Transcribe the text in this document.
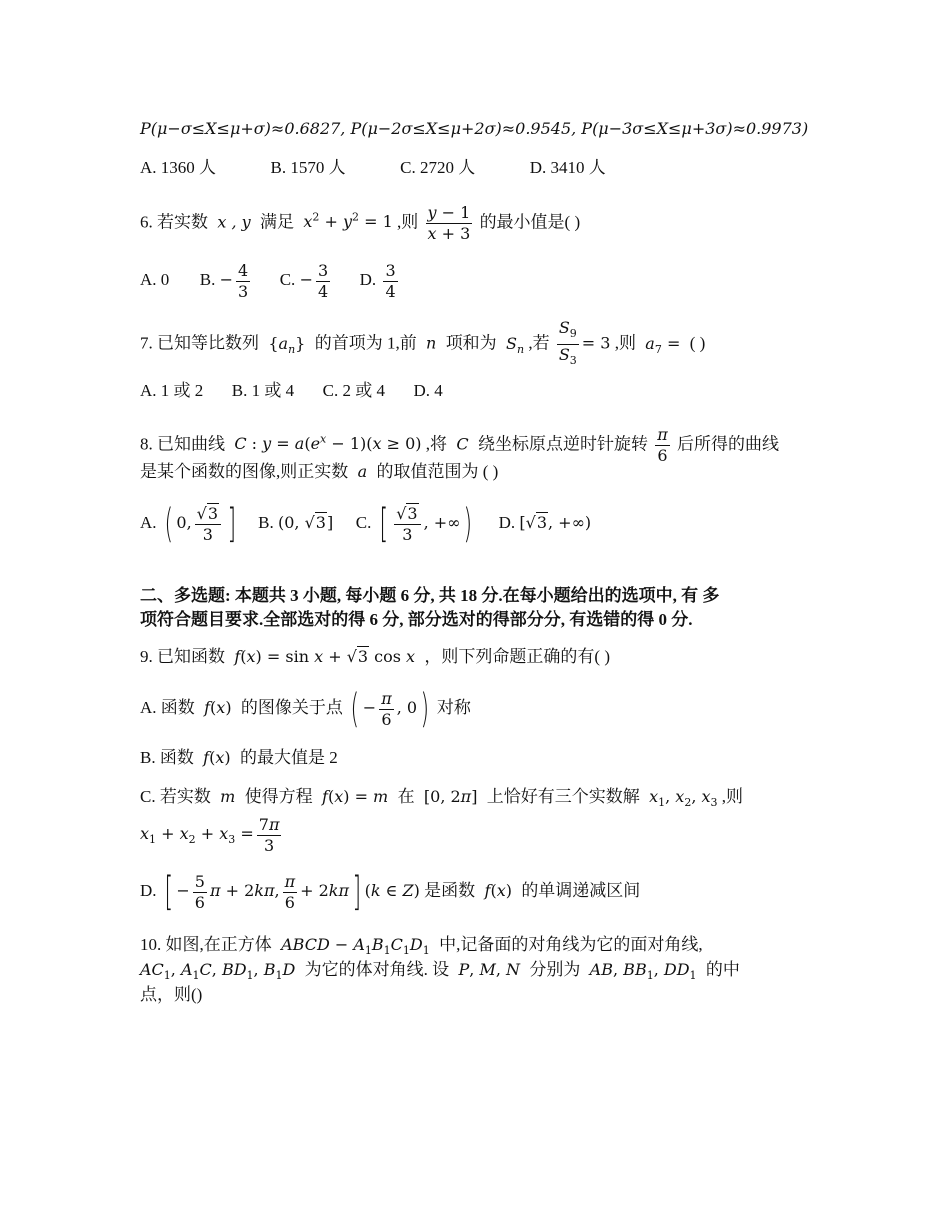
P(μ−σ≤X≤μ+σ)≈0.6827, P(μ−2σ≤X≤μ+2σ)≈0.9545, P(μ−3σ≤X≤μ+3σ)≈0.9973)
A. 1360 人	B. 1570 人	C. 2720 人	D. 3410 人
6. 若实数  x , y  满足  $x^2 + y^2 = 1$ ,则 $\frac{y - 1}{x + 3}$ 的最小值是( )
A. 0 B. − $\frac{4}{3} C$. − $\frac{3}{4} D$. $\frac{3}{4}$
7. 已知等比数列 $\{a_n\}$ 的首项为 1,前  n  项和为  $S_n$ ,若 $\frac{S_9}{S_3} = 3$ ,则  $a_7$ = ( )
A. 1 或 2 B. 1 或 4 C. 2 或 4 D. 4
8. 已知曲线  C : $y = a(e^x - 1)(x \ge 0)$ ,将  C  绕坐标原点逆时针旋转 $\frac{\pi}{6}$ 后所得的曲线
是某个函数的图像,则正实数  a  的取值范围为 ( )
A. ( 0, $\frac{√3}{3}$ ] B. (0, √3] C. [ $\frac{√3}{3}$ , +∞) D. [√3, +∞)
二、多选题: 本题共 3 小题, 每小题 6 分, 共 18 分.在每小题给出的选项中, 有 多
项符合题目要求.全部选对的得 6 分, 部分选对的得部分分, 有选错的得 0 分.
9. 已知函数  f(x) = sin x + √3 cos x  ，则下列命题正确的有( )
A. 函数  f(x) 的图像关于点 ( − $\frac{\pi}{6}$ , 0) 对称
B. 函数  f(x) 的最大值是 2
C. 若实数  m  使得方程  f(x) = m  在  [0, 2π]  上恰好有三个实数解  $x_1$, $x_2$, $x_3$ ,则
$x_1 + x_2 + x_3 = \frac{7\pi}{3}$
D. [ − $\frac{5}{6}$ π + 2kπ, $\frac{\pi}{6} + 2k\pi$] (k ∈ Z) 是函数  f(x) 的单调递减区间
10. 如图,在正方体  ABCD − $A_1B_1C_1D_1$ 中,记备面的对角线为它的面对角线,
$AC_1$, $A_1C$, $BD_1$, $B_1D$  为它的体对角线. 设  P, M, N  分别为  AB, $BB_1$, $DD_1$ 的中
点，则()
